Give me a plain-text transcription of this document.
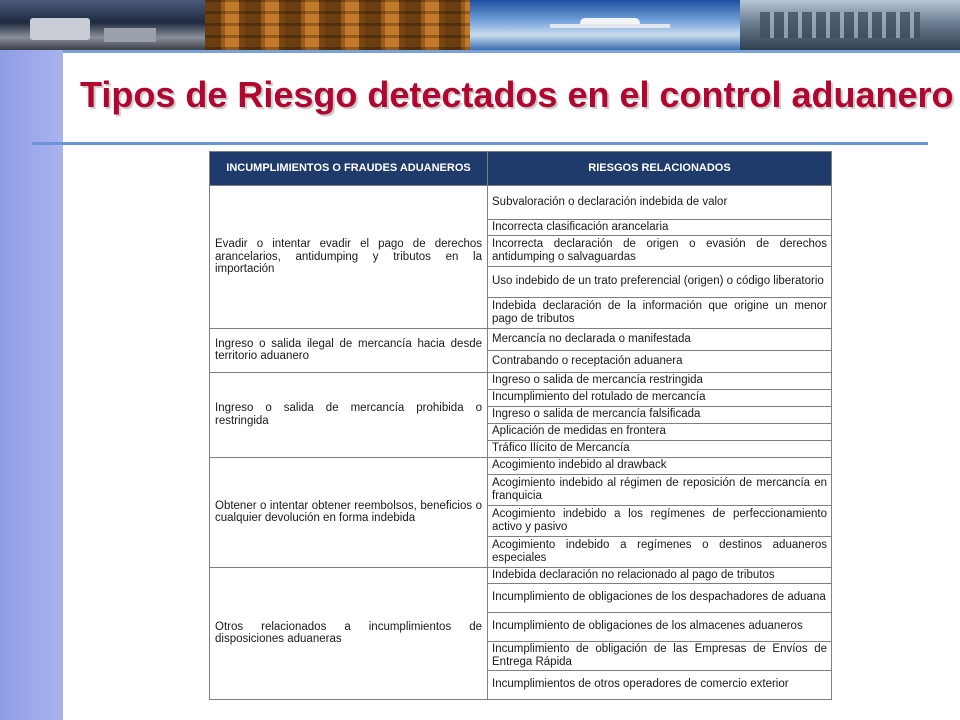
Tipos de Riesgo detectados en el control aduanero
INCUMPLIMIENTOS O FRAUDES ADUANEROS	RIESGOS RELACIONADOS
Evadir o intentar evadir el pago de derechos arancelarios, antidumping y tributos en la importación	Subvaloración o declaración indebida de valor
	Incorrecta clasificación arancelaria
	Incorrecta declaración de origen o evasión de derechos antidumping o salvaguardas
	Uso indebido de un trato preferencial (origen) o código liberatorio
	Indebida declaración de la información que origine un menor pago de tributos
Ingreso o salida ilegal de mercancía hacia desde territorio aduanero	Mercancía no declarada o manifestada
	Contrabando o receptación aduanera
Ingreso o salida de mercancía prohibida o restringida	Ingreso o salida de mercancía restringida
	Incumplimiento del rotulado de mercancía
	Ingreso o salida de mercancía falsificada
	Aplicación de medidas en frontera
	Tráfico Ilícito de Mercancía
Obtener o intentar obtener reembolsos, beneficios o cualquier devolución en forma indebida	Acogimiento indebido al drawback
	Acogimiento indebido al régimen de reposición de mercancía en franquicia
	Acogimiento indebido a los regímenes de perfeccionamiento activo y pasivo
	Acogimiento indebido a regímenes o destinos aduaneros especiales
Otros relacionados a incumplimientos de disposiciones aduaneras	Indebida declaración no relacionado al pago de tributos
	Incumplimiento de obligaciones de los despachadores de aduana
	Incumplimiento de obligaciones de los almacenes aduaneros
	Incumplimiento de obligación de las Empresas de Envíos de Entrega Rápida
	Incumplimientos de otros operadores de comercio exterior
